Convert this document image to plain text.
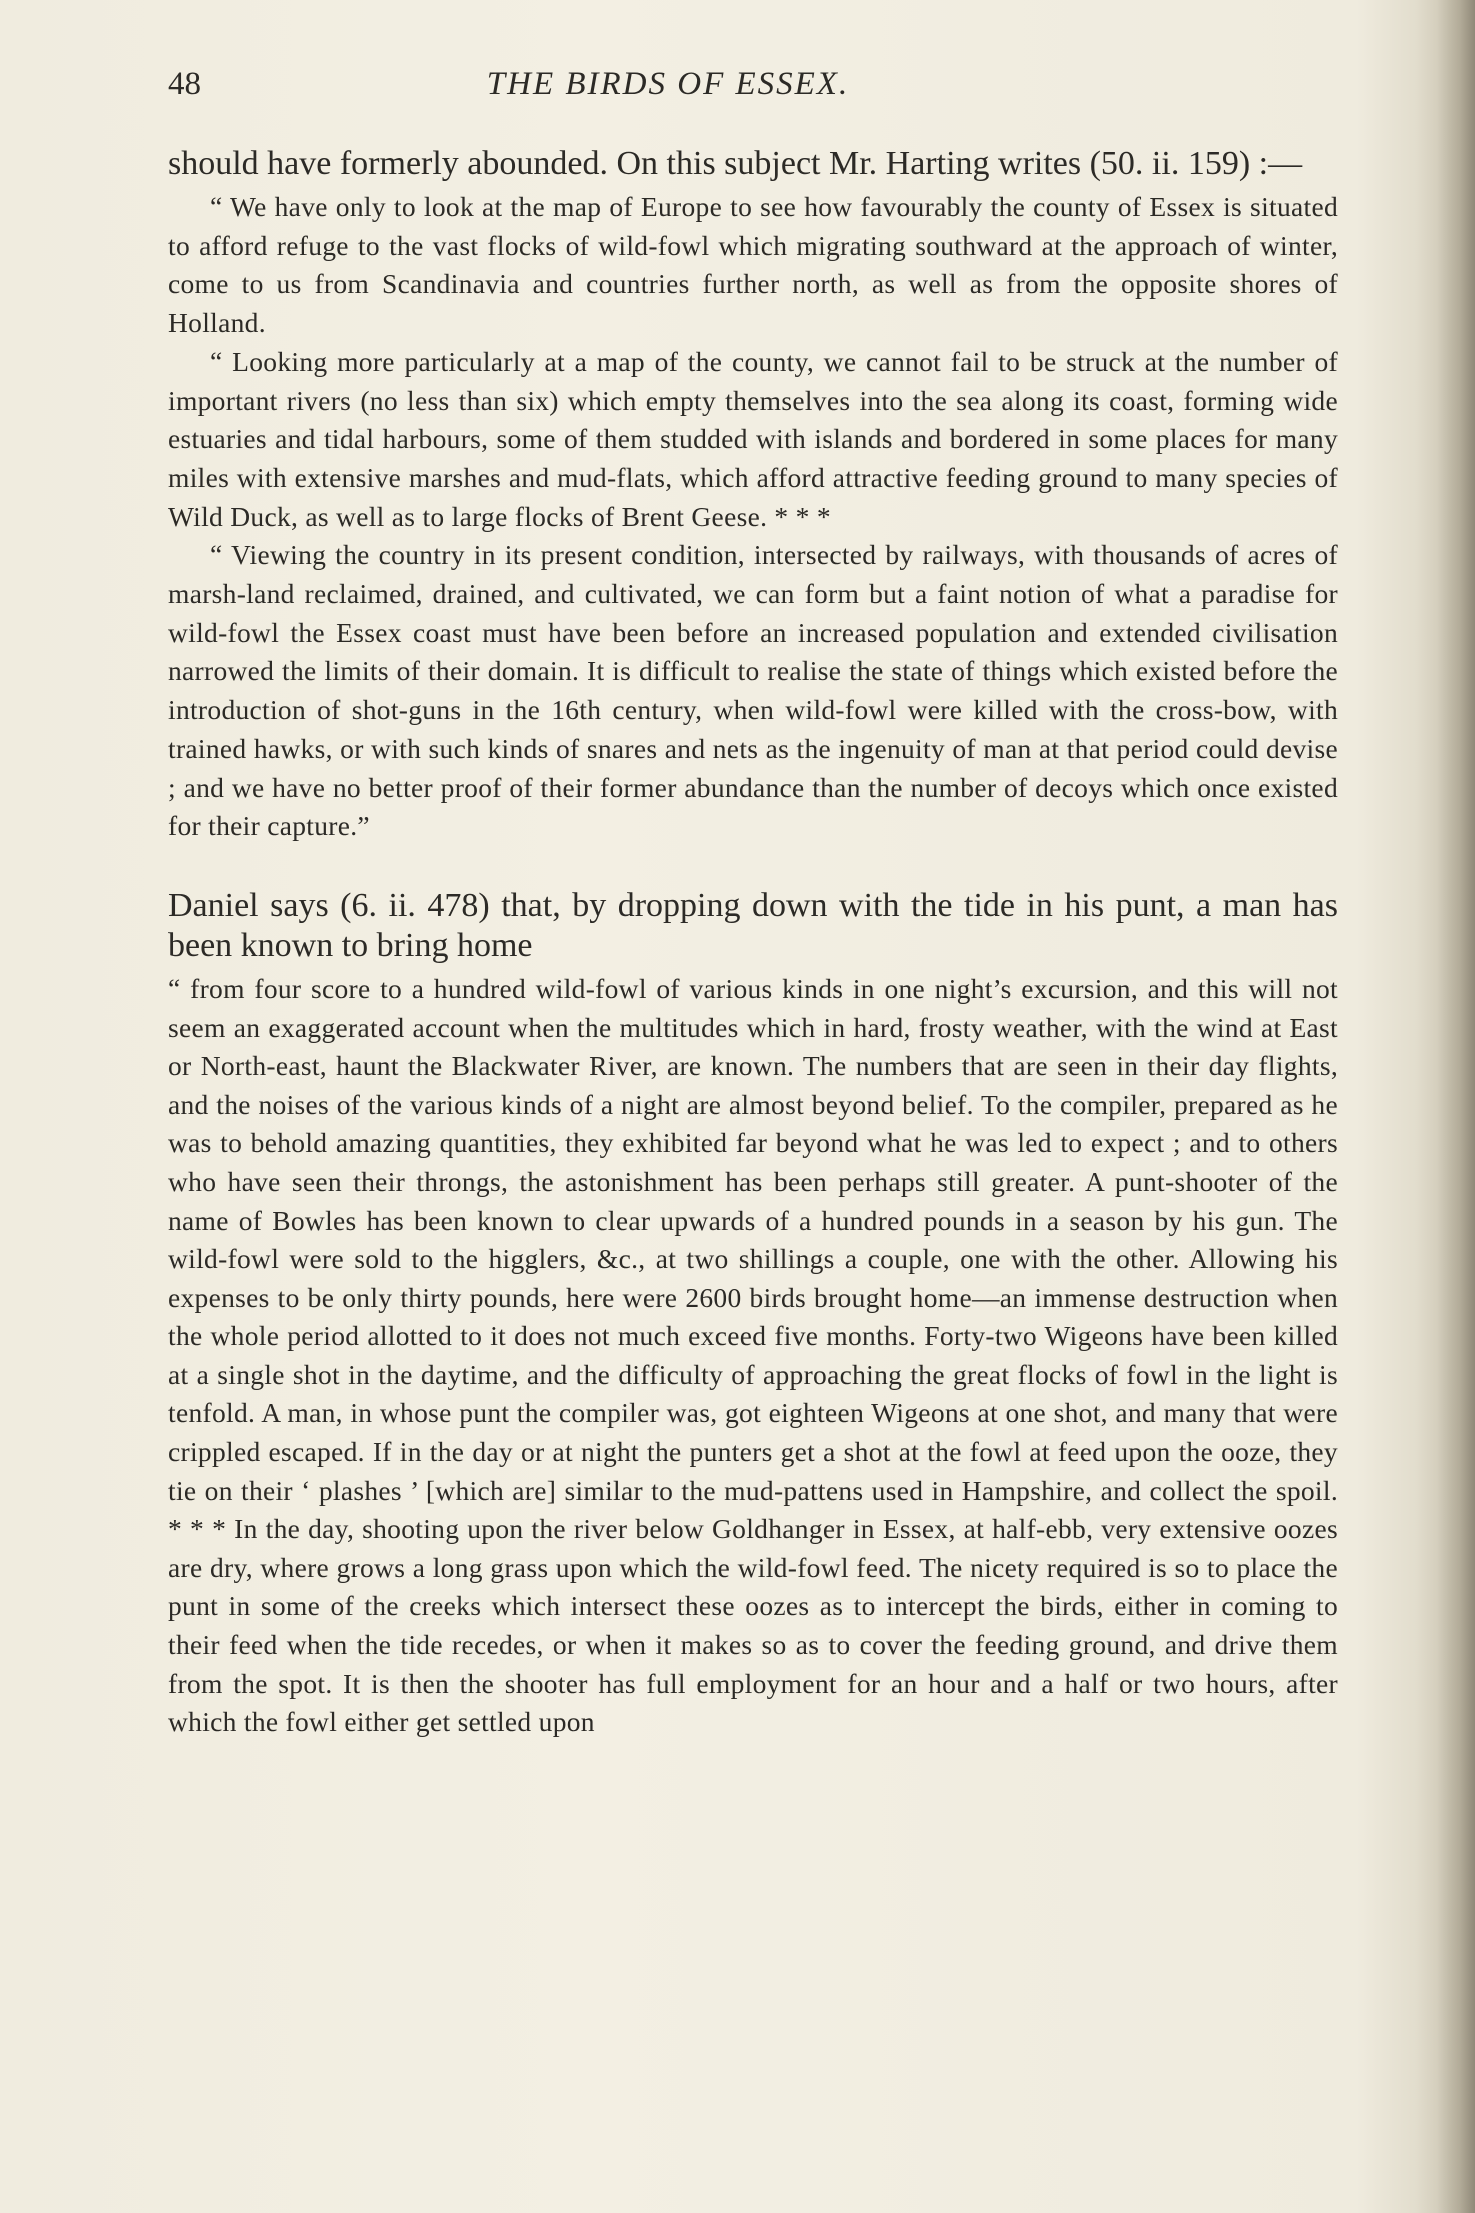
48	THE BIRDS OF ESSEX.

should have formerly abounded. On this subject Mr. Harting writes (50. ii. 159) :—

“ We have only to look at the map of Europe to see how favourably the county of Essex is situated to afford refuge to the vast flocks of wild-fowl which migrating southward at the approach of winter, come to us from Scandinavia and countries further north, as well as from the opposite shores of Holland.

“ Looking more particularly at a map of the county, we cannot fail to be struck at the number of important rivers (no less than six) which empty themselves into the sea along its coast, forming wide estuaries and tidal harbours, some of them studded with islands and bordered in some places for many miles with extensive marshes and mud-flats, which afford attractive feeding ground to many species of Wild Duck, as well as to large flocks of Brent Geese. * * *

“ Viewing the country in its present condition, intersected by railways, with thousands of acres of marsh-land reclaimed, drained, and cultivated, we can form but a faint notion of what a paradise for wild-fowl the Essex coast must have been before an increased population and extended civilisation narrowed the limits of their domain. It is difficult to realise the state of things which existed before the introduction of shot-guns in the 16th century, when wild-fowl were killed with the cross-bow, with trained hawks, or with such kinds of snares and nets as the ingenuity of man at that period could devise ; and we have no better proof of their former abundance than the number of decoys which once existed for their capture.”

Daniel says (6. ii. 478) that, by dropping down with the tide in his punt, a man has been known to bring home

“ from four score to a hundred wild-fowl of various kinds in one night’s excursion, and this will not seem an exaggerated account when the multitudes which in hard, frosty weather, with the wind at East or North-east, haunt the Blackwater River, are known. The numbers that are seen in their day flights, and the noises of the various kinds of a night are almost beyond belief. To the compiler, prepared as he was to behold amazing quantities, they exhibited far beyond what he was led to expect ; and to others who have seen their throngs, the astonishment has been perhaps still greater. A punt-shooter of the name of Bowles has been known to clear upwards of a hundred pounds in a season by his gun. The wild-fowl were sold to the higglers, &c., at two shillings a couple, one with the other. Allowing his expenses to be only thirty pounds, here were 2600 birds brought home—an immense destruction when the whole period allotted to it does not much exceed five months. Forty-two Wigeons have been killed at a single shot in the daytime, and the difficulty of approaching the great flocks of fowl in the light is tenfold. A man, in whose punt the compiler was, got eighteen Wigeons at one shot, and many that were crippled escaped. If in the day or at night the punters get a shot at the fowl at feed upon the ooze, they tie on their ‘ plashes ’ [which are] similar to the mud-pattens used in Hampshire, and collect the spoil. * * * In the day, shooting upon the river below Goldhanger in Essex, at half-ebb, very extensive oozes are dry, where grows a long grass upon which the wild-fowl feed. The nicety required is so to place the punt in some of the creeks which intersect these oozes as to intercept the birds, either in coming to their feed when the tide recedes, or when it makes so as to cover the feeding ground, and drive them from the spot. It is then the shooter has full employment for an hour and a half or two hours, after which the fowl either get settled upon
